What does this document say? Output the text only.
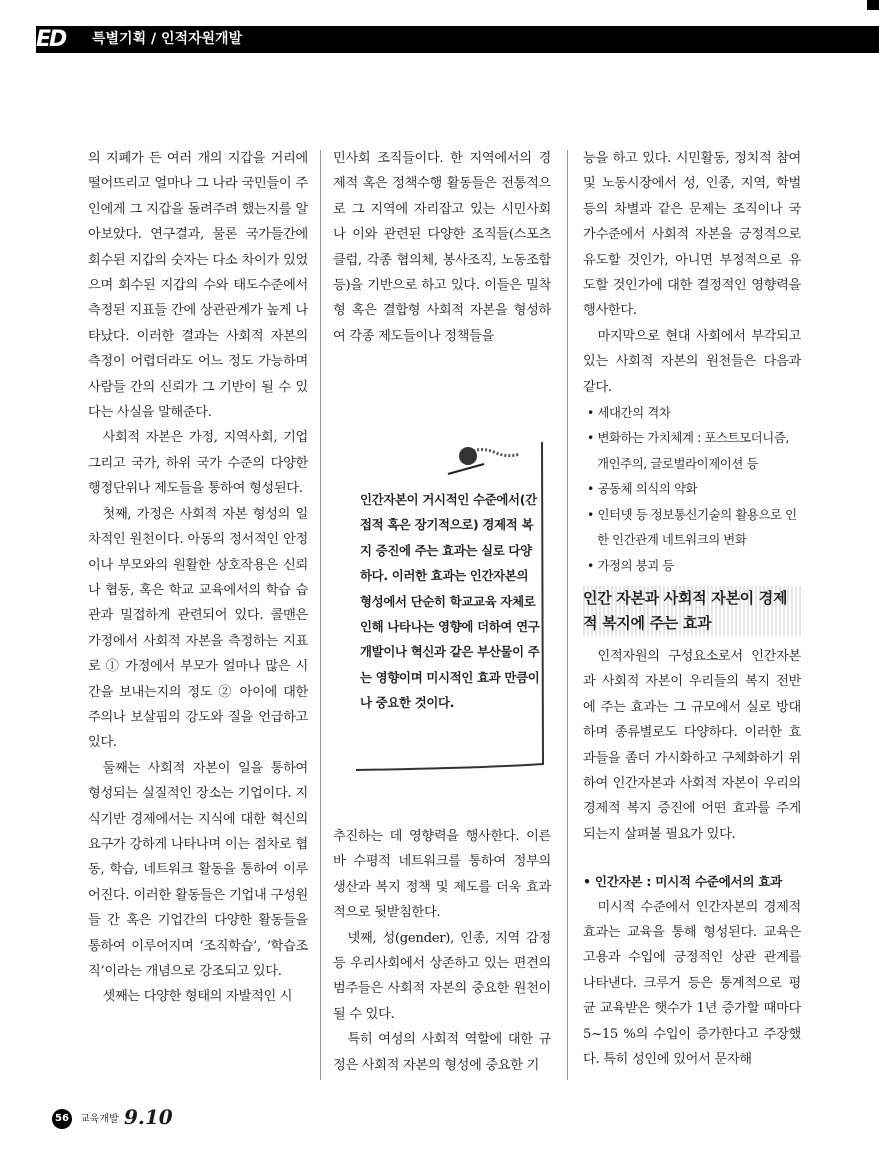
ED	특별기획 / 인적자원개발

의 지폐가 든 여러 개의 지갑을 거리에 떨어뜨리고 얼마나 그 나라 국민들이 주인에게 그 지갑을 돌려주려 했는지를 알아보았다. 연구결과, 물론 국가들간에 회수된 지갑의 숫자는 다소 차이가 있었으며 회수된 지갑의 수와 태도수준에서 측정된 지표들 간에 상관관계가 높게 나타났다. 이러한 결과는 사회적 자본의 측정이 어렵더라도 어느 정도 가능하며 사람들 간의 신뢰가 그 기반이 될 수 있다는 사실을 말해준다.

사회적 자본은 가정, 지역사회, 기업 그리고 국가, 하위 국가 수준의 다양한 행정단위나 제도들을 통하여 형성된다.

첫째, 가정은 사회적 자본 형성의 일차적인 원천이다. 아동의 정서적인 안정이나 부모와의 원활한 상호작용은 신뢰나 협동, 혹은 학교 교육에서의 학습 습관과 밀접하게 관련되어 있다. 콜맨은 가정에서 사회적 자본을 측정하는 지표로 ① 가정에서 부모가 얼마나 많은 시간을 보내는지의 정도 ② 아이에 대한 주의나 보살핌의 강도와 질을 언급하고 있다.

둘째는 사회적 자본이 일을 통하여 형성되는 실질적인 장소는 기업이다. 지식기반 경제에서는 지식에 대한 혁신의 요구가 강하게 나타나며 이는 점차로 협동, 학습, 네트워크 활동을 통하여 이루어진다. 이러한 활동들은 기업내 구성원들 간 혹은 기업간의 다양한 활동들을 통하여 이루어지며 ‘조직학습’, ‘학습조직’이라는 개념으로 강조되고 있다.

셋째는 다양한 형태의 자발적인 시

민사회 조직들이다. 한 지역에서의 경제적 혹은 정책수행 활동들은 전통적으로 그 지역에 자리잡고 있는 시민사회나 이와 관련된 다양한 조직들(스포츠 클럽, 각종 협의체, 봉사조직, 노동조합 등)을 기반으로 하고 있다. 이들은 밀착형 혹은 결합형 사회적 자본을 형성하여 각종 제도들이나 정책들을

인간자본이 거시적인 수준에서(간접적 혹은 장기적으로) 경제적 복지 증진에 주는 효과는 실로 다양하다. 이러한 효과는 인간자본의 형성에서 단순히 학교교육 자체로 인해 나타나는 영향에 더하여 연구개발이나 혁신과 같은 부산물이 주는 영향이며 미시적인 효과 만큼이나 중요한 것이다.

추진하는 데 영향력을 행사한다. 이른바 수평적 네트워크를 통하여 정부의 생산과 복지 정책 및 제도를 더욱 효과적으로 뒷받침한다.

넷째, 성(gender), 인종, 지역 감정 등 우리사회에서 상존하고 있는 편견의 범주들은 사회적 자본의 중요한 원천이 될 수 있다.

특히 여성의 사회적 역할에 대한 규정은 사회적 자본의 형성에 중요한 기

능을 하고 있다. 시민활동, 정치적 참여 및 노동시장에서 성, 인종, 지역, 학벌 등의 차별과 같은 문제는 조직이나 국가수준에서 사회적 자본을 긍정적으로 유도할 것인가, 아니면 부정적으로 유도할 것인가에 대한 결정적인 영향력을 행사한다.

마지막으로 현대 사회에서 부각되고 있는 사회적 자본의 원천들은 다음과 같다.

• 세대간의 격차
• 변화하는 가치체계 : 포스트모더니즘, 개인주의, 글로벌라이제이션 등
• 공동체 의식의 약화
• 인터넷 등 정보통신기술의 활용으로 인한 인간관계 네트워크의 변화
• 가정의 붕괴 등
인간 자본과 사회적 자본이 경제적 복지에 주는 효과

인적자원의 구성요소로서 인간자본과 사회적 자본이 우리들의 복지 전반에 주는 효과는 그 규모에서 실로 방대하며 종류별로도 다양하다. 이러한 효과들을 좀더 가시화하고 구체화하기 위하여 인간자본과 사회적 자본이 우리의 경제적 복지 증진에 어떤 효과를 주게 되는지 살펴볼 필요가 있다.

• 인간자본 : 미시적 수준에서의 효과

미시적 수준에서 인간자본의 경제적 효과는 교육을 통해 형성된다. 교육은 고용과 수입에 긍정적인 상관 관계를 나타낸다. 크루거 등은 통계적으로 평균 교육받은 햇수가 1년 증가할 때마다 5~15 %의 수입이 증가한다고 주장했다. 특히 성인에 있어서 문자해

56	교육개발 9.10
